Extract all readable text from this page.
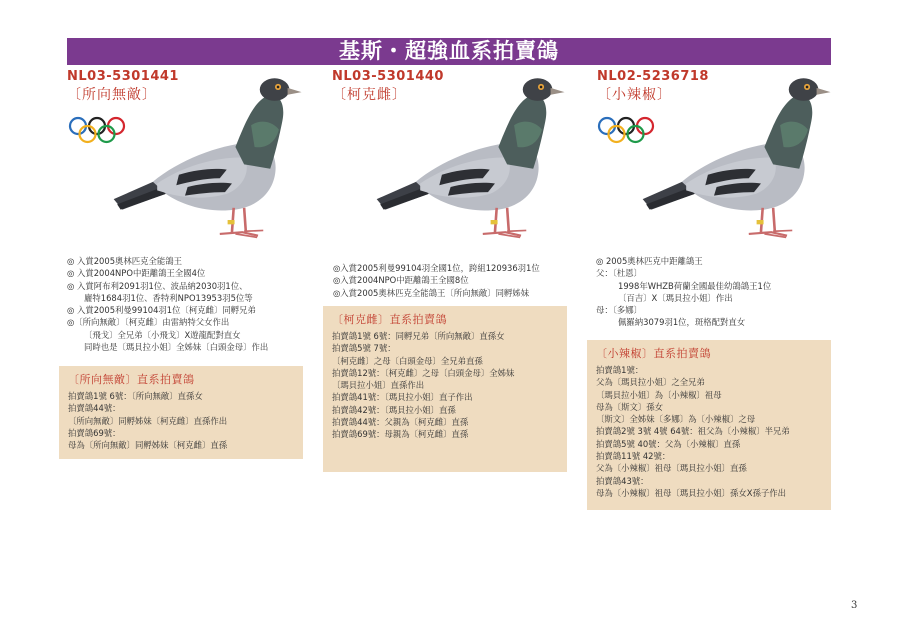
基斯・超強血系拍賣鴿
NL03-5301441
〔所向無敵〕
◎ 入賞2005奧林匹克全能鴿王
◎ 入賞2004NPO中距離鴿王全國4位
◎ 入賞阿布利2091羽1位、波品納2030羽1位、
廲特1684羽1位、香特利NPO13953羽5位等
◎ 入賞2005利曼99104羽1位〔柯克雌〕同孵兄弟
◎〔所向無敵〕〔柯克雌〕由雷納特父女作出
〔飛戈〕全兄弟〔小飛戈〕X遊龍配對直女
同時也是〔瑪貝拉小姐〕全姊妹〔白頭金母〕作出
〔所向無敵〕直系拍賣鴿
拍賣鴿1號 6號：〔所向無敵〕直孫女
拍賣鴿44號：
〔所向無敵〕同孵姊妹〔柯克雌〕直孫作出
拍賣鴿69號：
母為〔所向無敵〕同孵姊妹〔柯克雌〕直孫
NL03-5301440
〔柯克雌〕
◎入賞2005利曼99104羽全國1位，跨組120936羽1位
◎入賞2004NPO中距離鴿王全國8位
◎入賞2005奧林匹克全能鴿王〔所向無敵〕同孵姊妹
〔柯克雌〕直系拍賣鴿
拍賣鴿1號 6號：同孵兄弟〔所向無敵〕直孫女
拍賣鴿5號 7號：
〔柯克雌〕之母〔白頭金母〕全兄弟直孫
拍賣鴿12號：〔柯克雌〕之母〔白頭金母〕全姊妹
〔瑪貝拉小姐〕直孫作出
拍賣鴿41號：〔瑪貝拉小姐〕直子作出
拍賣鴿42號：〔瑪貝拉小姐〕直孫
拍賣鴿44號：父親為〔柯克雌〕直孫
拍賣鴿69號：母親為〔柯克雌〕直孫
NL02-5236718
〔小辣椒〕
◎ 2005奧林匹克中距離鴿王
父：〔杜恩〕
1998年WHZB荷蘭全國最佳幼鴿鴿王1位
〔百吉〕X〔瑪貝拉小姐〕作出
母：〔多娜〕
佩羅納3079羽1位，斑格配對直女
〔小辣椒〕直系拍賣鴿
拍賣鴿1號：
父為〔瑪貝拉小姐〕之全兄弟
〔瑪貝拉小姐〕為〔小辣椒〕祖母
母為〔斯文〕孫女
〔斯文〕全姊妹〔多娜〕為〔小辣椒〕之母
拍賣鴿2號 3號 4號 64號：祖父為〔小辣椒〕半兄弟
拍賣鴿5號 40號：父為〔小辣椒〕直孫
拍賣鴿11號 42號：
父為〔小辣椒〕祖母〔瑪貝拉小姐〕直孫
拍賣鴿43號：
母為〔小辣椒〕祖母〔瑪貝拉小姐〕孫女X孫子作出
3
